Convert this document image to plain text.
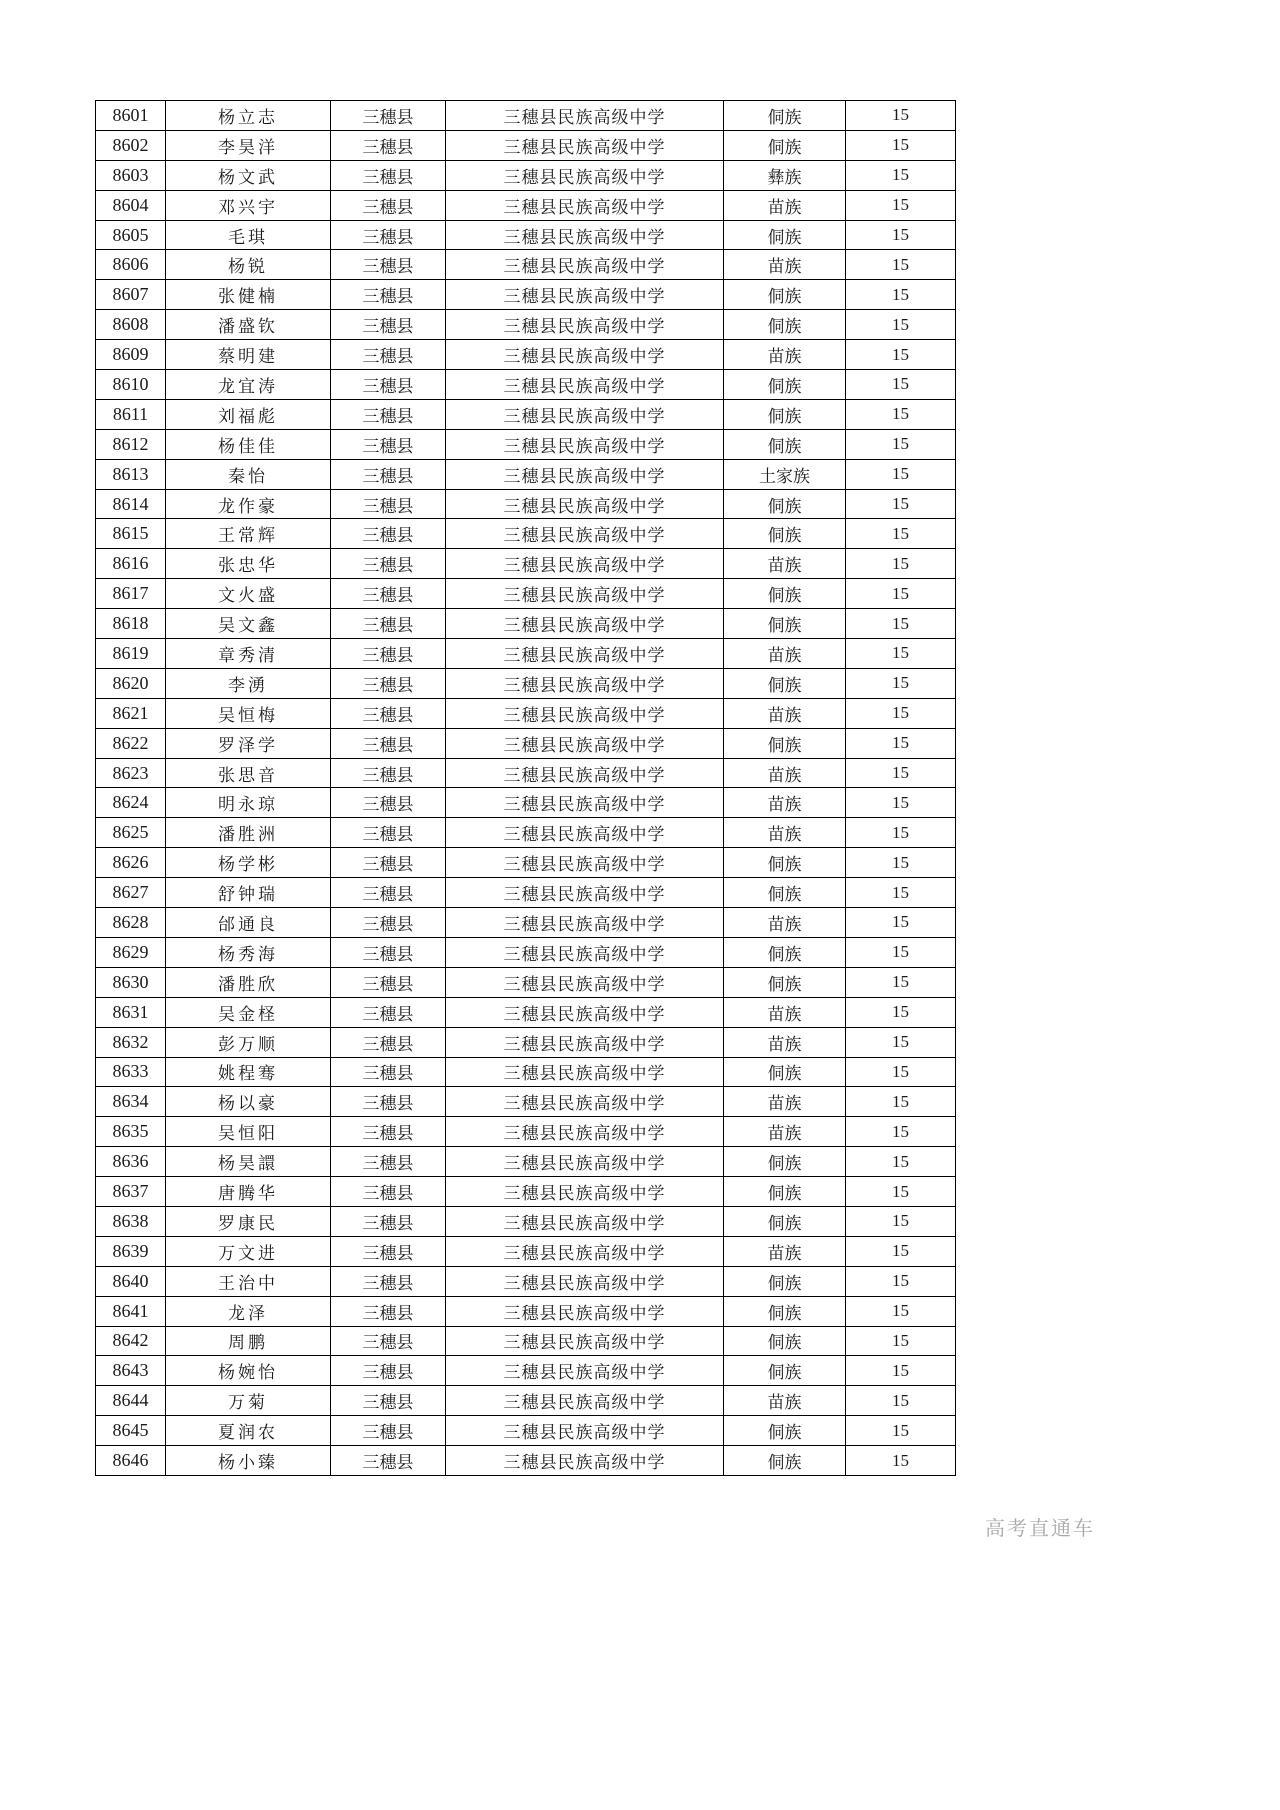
8601	杨立志	三穗县	三穗县民族高级中学	侗族	15
8602	李昊洋	三穗县	三穗县民族高级中学	侗族	15
8603	杨文武	三穗县	三穗县民族高级中学	彝族	15
8604	邓兴宇	三穗县	三穗县民族高级中学	苗族	15
8605	毛琪	三穗县	三穗县民族高级中学	侗族	15
8606	杨锐	三穗县	三穗县民族高级中学	苗族	15
8607	张健楠	三穗县	三穗县民族高级中学	侗族	15
8608	潘盛钦	三穗县	三穗县民族高级中学	侗族	15
8609	蔡明建	三穗县	三穗县民族高级中学	苗族	15
8610	龙宜涛	三穗县	三穗县民族高级中学	侗族	15
8611	刘福彪	三穗县	三穗县民族高级中学	侗族	15
8612	杨佳佳	三穗县	三穗县民族高级中学	侗族	15
8613	秦怡	三穗县	三穗县民族高级中学	土家族	15
8614	龙作豪	三穗县	三穗县民族高级中学	侗族	15
8615	王常辉	三穗县	三穗县民族高级中学	侗族	15
8616	张忠华	三穗县	三穗县民族高级中学	苗族	15
8617	文火盛	三穗县	三穗县民族高级中学	侗族	15
8618	吴文鑫	三穗县	三穗县民族高级中学	侗族	15
8619	章秀清	三穗县	三穗县民族高级中学	苗族	15
8620	李湧	三穗县	三穗县民族高级中学	侗族	15
8621	吴恒梅	三穗县	三穗县民族高级中学	苗族	15
8622	罗泽学	三穗县	三穗县民族高级中学	侗族	15
8623	张思音	三穗县	三穗县民族高级中学	苗族	15
8624	明永琼	三穗县	三穗县民族高级中学	苗族	15
8625	潘胜洲	三穗县	三穗县民族高级中学	苗族	15
8626	杨学彬	三穗县	三穗县民族高级中学	侗族	15
8627	舒钟瑞	三穗县	三穗县民族高级中学	侗族	15
8628	邰通良	三穗县	三穗县民族高级中学	苗族	15
8629	杨秀海	三穗县	三穗县民族高级中学	侗族	15
8630	潘胜欣	三穗县	三穗县民族高级中学	侗族	15
8631	吴金柽	三穗县	三穗县民族高级中学	苗族	15
8632	彭万顺	三穗县	三穗县民族高级中学	苗族	15
8633	姚程骞	三穗县	三穗县民族高级中学	侗族	15
8634	杨以豪	三穗县	三穗县民族高级中学	苗族	15
8635	吴恒阳	三穗县	三穗县民族高级中学	苗族	15
8636	杨昊譞	三穗县	三穗县民族高级中学	侗族	15
8637	唐腾华	三穗县	三穗县民族高级中学	侗族	15
8638	罗康民	三穗县	三穗县民族高级中学	侗族	15
8639	万文进	三穗县	三穗县民族高级中学	苗族	15
8640	王治中	三穗县	三穗县民族高级中学	侗族	15
8641	龙泽	三穗县	三穗县民族高级中学	侗族	15
8642	周鹏	三穗县	三穗县民族高级中学	侗族	15
8643	杨婉怡	三穗县	三穗县民族高级中学	侗族	15
8644	万菊	三穗县	三穗县民族高级中学	苗族	15
8645	夏润农	三穗县	三穗县民族高级中学	侗族	15
8646	杨小臻	三穗县	三穗县民族高级中学	侗族	15
高考直通车
